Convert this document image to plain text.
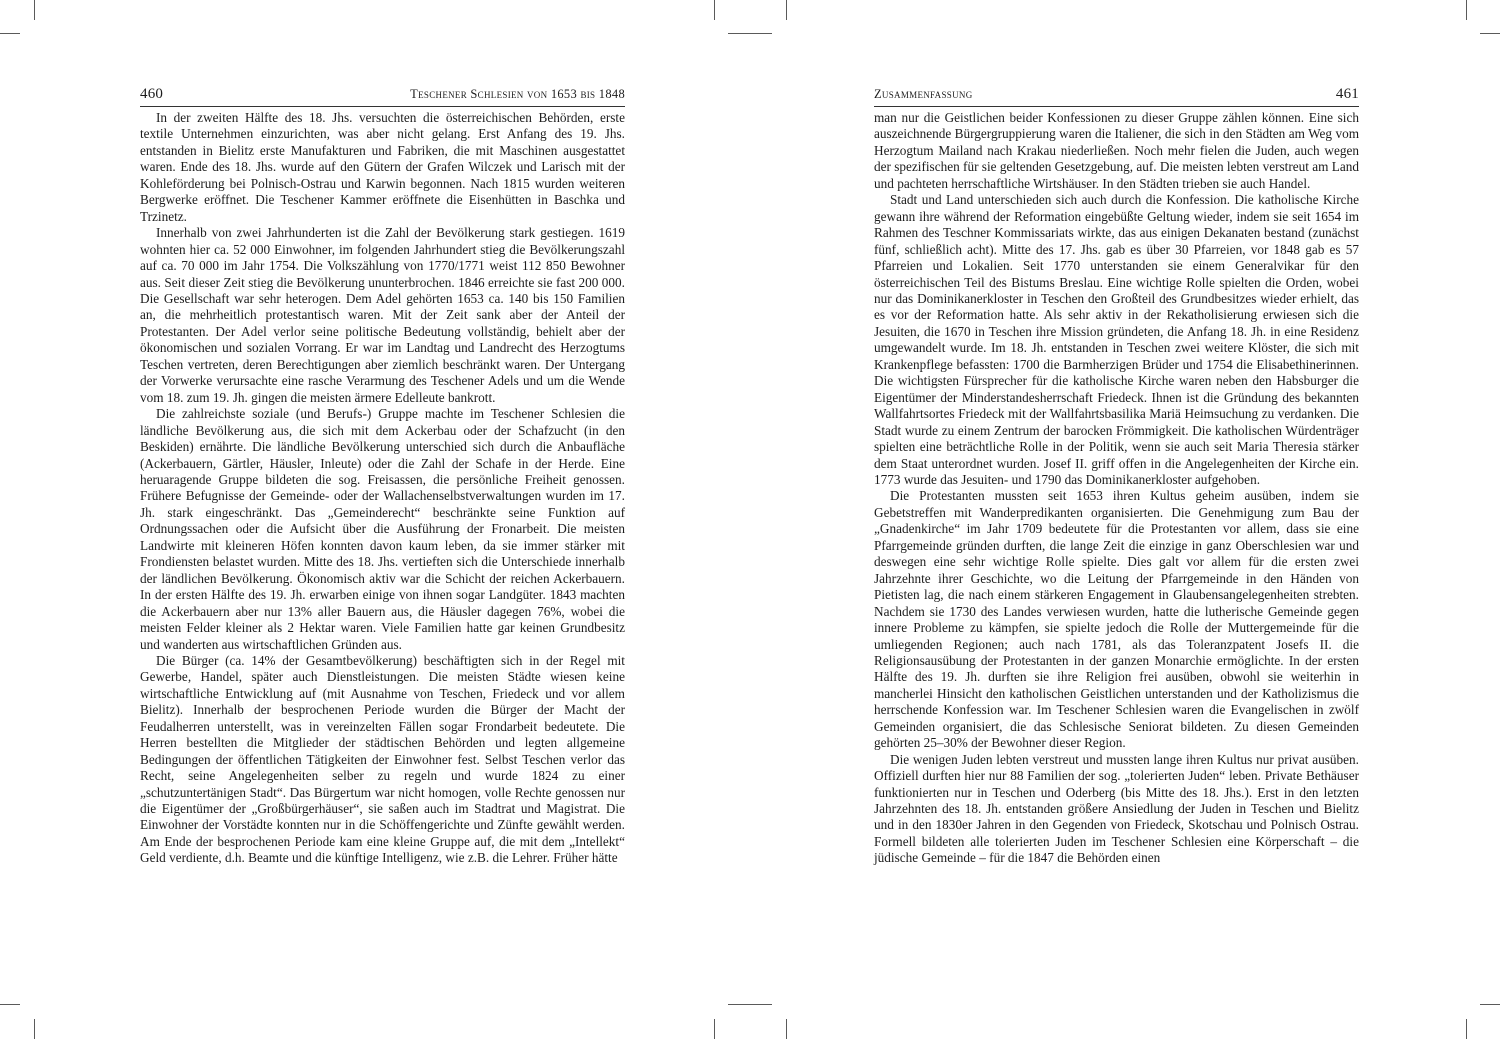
460	Teschener Schlesien von 1653 bis 1848

In der zweiten Hälfte des 18. Jhs. versuchten die österreichischen Behörden, erste textile Unternehmen einzurichten, was aber nicht gelang. Erst Anfang des 19. Jhs. entstanden in Bielitz erste Manufakturen und Fabriken, die mit Maschinen ausgestattet waren. Ende des 18. Jhs. wurde auf den Gütern der Grafen Wilczek und Larisch mit der Kohleförderung bei Polnisch-Ostrau und Karwin begonnen. Nach 1815 wurden weiteren Bergwerke eröffnet. Die Teschener Kammer eröffnete die Eisenhütten in Baschka und Trzinetz.

Innerhalb von zwei Jahrhunderten ist die Zahl der Bevölkerung stark gestiegen. 1619 wohnten hier ca. 52 000 Einwohner, im folgenden Jahrhundert stieg die Bevölkerungszahl auf ca. 70 000 im Jahr 1754. Die Volkszählung von 1770/1771 weist 112 850 Bewohner aus. Seit dieser Zeit stieg die Bevölkerung ununterbrochen. 1846 erreichte sie fast 200 000. Die Gesellschaft war sehr heterogen. Dem Adel gehörten 1653 ca. 140 bis 150 Familien an, die mehrheitlich protestantisch waren. Mit der Zeit sank aber der Anteil der Protestanten. Der Adel verlor seine politische Bedeutung vollständig, behielt aber der ökonomischen und sozialen Vorrang. Er war im Landtag und Landrecht des Herzogtums Teschen vertreten, deren Berechtigungen aber ziemlich beschränkt waren. Der Untergang der Vorwerke verursachte eine rasche Verarmung des Teschener Adels und um die Wende vom 18. zum 19. Jh. gingen die meisten ärmere Edelleute bankrott.

Die zahlreichste soziale (und Berufs-) Gruppe machte im Teschener Schlesien die ländliche Bevölkerung aus, die sich mit dem Ackerbau oder der Schafzucht (in den Beskiden) ernährte. Die ländliche Bevölkerung unterschied sich durch die Anbaufläche (Ackerbauern, Gärtler, Häusler, Inleute) oder die Zahl der Schafe in der Herde. Eine heruaragende Gruppe bildeten die sog. Freisassen, die persönliche Freiheit genossen. Frühere Befugnisse der Gemeinde- oder der Wallachenselbstverwaltungen wurden im 17. Jh. stark eingeschränkt. Das „Gemeinderecht“ beschränkte seine Funktion auf Ordnungssachen oder die Aufsicht über die Ausführung der Fronarbeit. Die meisten Landwirte mit kleineren Höfen konnten davon kaum leben, da sie immer stärker mit Frondiensten belastet wurden. Mitte des 18. Jhs. vertieften sich die Unterschiede innerhalb der ländlichen Bevölkerung. Ökonomisch aktiv war die Schicht der reichen Ackerbauern. In der ersten Hälfte des 19. Jh. erwarben einige von ihnen sogar Landgüter. 1843 machten die Ackerbauern aber nur 13% aller Bauern aus, die Häusler dagegen 76%, wobei die meisten Felder kleiner als 2 Hektar waren. Viele Familien hatte gar keinen Grundbesitz und wanderten aus wirtschaftlichen Gründen aus.

Die Bürger (ca. 14% der Gesamtbevölkerung) beschäftigten sich in der Regel mit Gewerbe, Handel, später auch Dienstleistungen. Die meisten Städte wiesen keine wirtschaftliche Entwicklung auf (mit Ausnahme von Teschen, Friedeck und vor allem Bielitz). Innerhalb der besprochenen Periode wurden die Bürger der Macht der Feudalherren unterstellt, was in vereinzelten Fällen sogar Frondarbeit bedeutete. Die Herren bestellten die Mitglieder der städtischen Behörden und legten allgemeine Bedingungen der öffentlichen Tätigkeiten der Einwohner fest. Selbst Teschen verlor das Recht, seine Angelegenheiten selber zu regeln und wurde 1824 zu einer „schutzuntertänigen Stadt“. Das Bürgertum war nicht homogen, volle Rechte genossen nur die Eigentümer der „Großbürgerhäuser“, sie saßen auch im Stadtrat und Magistrat. Die Einwohner der Vorstädte konnten nur in die Schöffengerichte und Zünfte gewählt werden. Am Ende der besprochenen Periode kam eine kleine Gruppe auf, die mit dem „Intellekt“ Geld verdiente, d.h. Beamte und die künftige Intelligenz, wie z.B. die Lehrer. Früher hätte

Zusammenfassung	461

man nur die Geistlichen beider Konfessionen zu dieser Gruppe zählen können. Eine sich auszeichnende Bürgergruppierung waren die Italiener, die sich in den Städten am Weg vom Herzogtum Mailand nach Krakau niederließen. Noch mehr fielen die Juden, auch wegen der spezifischen für sie geltenden Gesetzgebung, auf. Die meisten lebten verstreut am Land und pachteten herrschaftliche Wirtshäuser. In den Städten trieben sie auch Handel.

Stadt und Land unterschieden sich auch durch die Konfession. Die katholische Kirche gewann ihre während der Reformation eingebüßte Geltung wieder, indem sie seit 1654 im Rahmen des Teschner Kommissariats wirkte, das aus einigen Dekanaten bestand (zunächst fünf, schließlich acht). Mitte des 17. Jhs. gab es über 30 Pfarreien, vor 1848 gab es 57 Pfarreien und Lokalien. Seit 1770 unterstanden sie einem Generalvikar für den österreichischen Teil des Bistums Breslau. Eine wichtige Rolle spielten die Orden, wobei nur das Dominikanerkloster in Teschen den Großteil des Grundbesitzes wieder erhielt, das es vor der Reformation hatte. Als sehr aktiv in der Rekatholisierung erwiesen sich die Jesuiten, die 1670 in Teschen ihre Mission gründeten, die Anfang 18. Jh. in eine Residenz umgewandelt wurde. Im 18. Jh. entstanden in Teschen zwei weitere Klöster, die sich mit Krankenpflege befassten: 1700 die Barmherzigen Brüder und 1754 die Elisabethinerinnen. Die wichtigsten Fürsprecher für die katholische Kirche waren neben den Habsburger die Eigentümer der Minderstandesherrschaft Friedeck. Ihnen ist die Gründung des bekannten Wallfahrtsortes Friedeck mit der Wallfahrtsbasilika Mariä Heimsuchung zu verdanken. Die Stadt wurde zu einem Zentrum der barocken Frömmigkeit. Die katholischen Würdenträger spielten eine beträchtliche Rolle in der Politik, wenn sie auch seit Maria Theresia stärker dem Staat unterordnet wurden. Josef II. griff offen in die Angelegenheiten der Kirche ein. 1773 wurde das Jesuiten- und 1790 das Dominikanerkloster aufgehoben.

Die Protestanten mussten seit 1653 ihren Kultus geheim ausüben, indem sie Gebetstreffen mit Wanderpredikanten organisierten. Die Genehmigung zum Bau der „Gnadenkirche“ im Jahr 1709 bedeutete für die Protestanten vor allem, dass sie eine Pfarrgemeinde gründen durften, die lange Zeit die einzige in ganz Oberschlesien war und deswegen eine sehr wichtige Rolle spielte. Dies galt vor allem für die ersten zwei Jahrzehnte ihrer Geschichte, wo die Leitung der Pfarrgemeinde in den Händen von Pietisten lag, die nach einem stärkeren Engagement in Glaubensangelegenheiten strebten. Nachdem sie 1730 des Landes verwiesen wurden, hatte die lutherische Gemeinde gegen innere Probleme zu kämpfen, sie spielte jedoch die Rolle der Muttergemeinde für die umliegenden Regionen; auch nach 1781, als das Toleranzpatent Josefs II. die Religionsausübung der Protestanten in der ganzen Monarchie ermöglichte. In der ersten Hälfte des 19. Jh. durften sie ihre Religion frei ausüben, obwohl sie weiterhin in mancherlei Hinsicht den katholischen Geistlichen unterstanden und der Katholizismus die herrschende Konfession war. Im Teschener Schlesien waren die Evangelischen in zwölf Gemeinden organisiert, die das Schlesische Seniorat bildeten. Zu diesen Gemeinden gehörten 25–30% der Bewohner dieser Region.

Die wenigen Juden lebten verstreut und mussten lange ihren Kultus nur privat ausüben. Offiziell durften hier nur 88 Familien der sog. „tolerierten Juden“ leben. Private Bethäuser funktionierten nur in Teschen und Oderberg (bis Mitte des 18. Jhs.). Erst in den letzten Jahrzehnten des 18. Jh. entstanden größere Ansiedlung der Juden in Teschen und Bielitz und in den 1830er Jahren in den Gegenden von Friedeck, Skotschau und Polnisch Ostrau. Formell bildeten alle tolerierten Juden im Teschener Schlesien eine Körperschaft – die jüdische Gemeinde – für die 1847 die Behörden einen
